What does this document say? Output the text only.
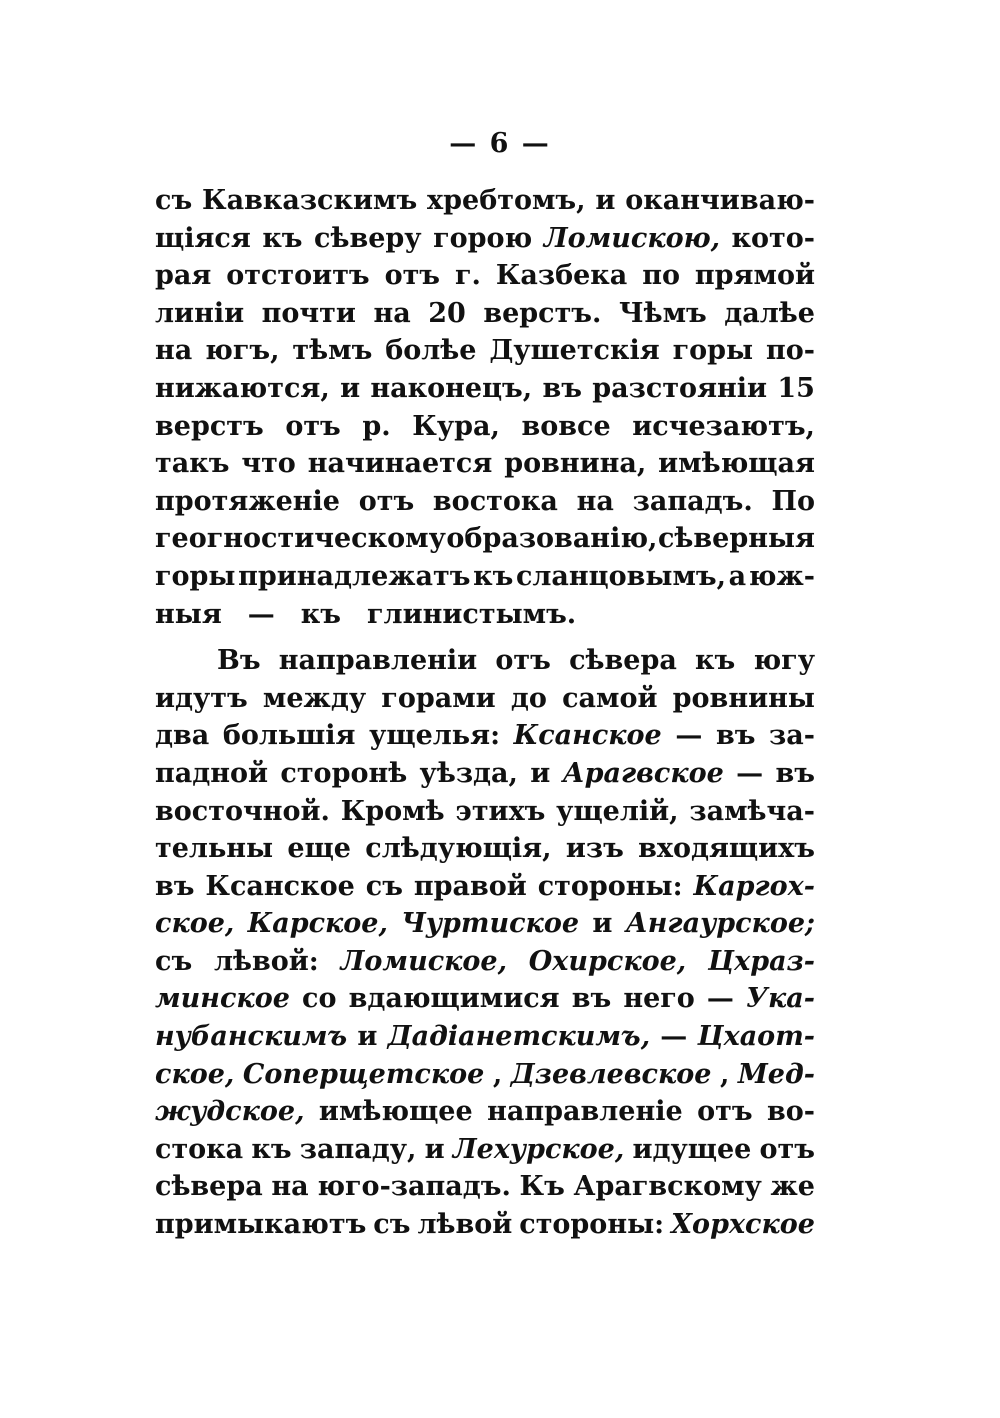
— 6 —
съ Кавказскимъ хребтомъ, и оканчиваю-
щіяся къ сѣверу горою Ломискою, кото-
рая отстоитъ отъ г. Казбека по прямой
линіи почти на 20 верстъ. Чѣмъ далѣе
на югъ, тѣмъ болѣе Душетскія горы по-
нижаются, и наконецъ, въ разстояніи 15
верстъ отъ р. Кура, вовсе исчезаютъ,
такъ что начинается ровнина, имѣющая
протяженіе отъ востока на западъ. По
геогностическому образованію, сѣверныя
горы принадлежатъ къ сланцовымъ, а юж-
ныя — къ глинистымъ.
Въ направленіи отъ сѣвера къ югу
идутъ между горами до самой ровнины
два большія ущелья: Ксанское — въ за-
падной сторонѣ уѣзда, и Арагвское — въ
восточной. Кромѣ этихъ ущелій, замѣча-
тельны еще слѣдующія, изъ входящихъ
въ Ксанское съ правой стороны: Каргох-
ское, Карское, Чуртиское и Ангаурское;
съ лѣвой: Ломиское, Охирское, Цхраз-
минское со вдающимися въ него — Ука-
нубанскимъ и Дадіанетскимъ, — Цхаот-
ское, Соперщетское , Дзевлевское , Мед-
жудское, имѣющее направленіе отъ во-
стока къ западу, и Лехурское, идущее отъ
сѣвера на юго-западъ. Къ Арагвскому же
примыкаютъ съ лѣвой стороны: Хорхское
